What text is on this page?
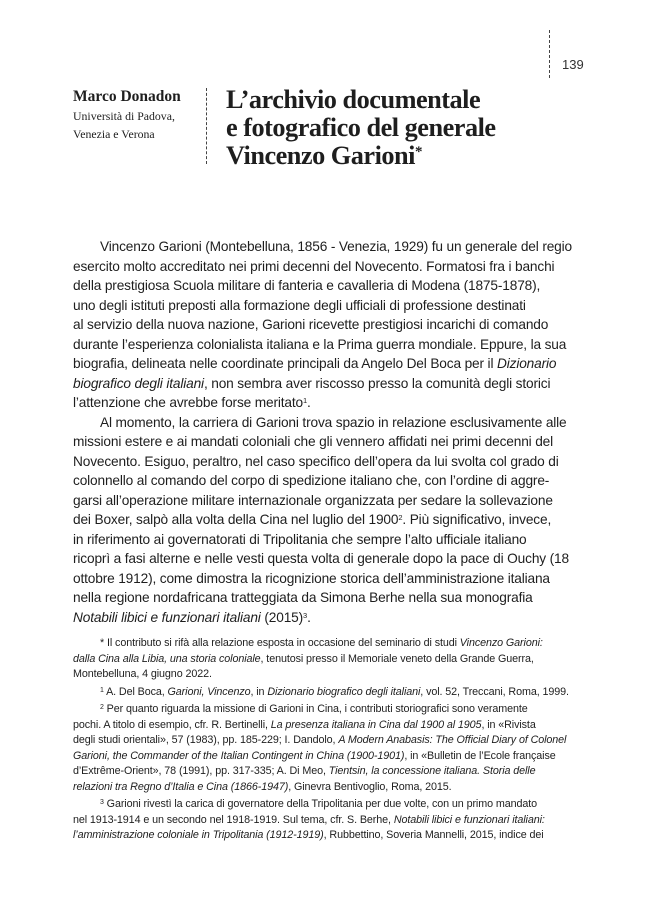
139
Marco Donadon
Università di Padova,
Venezia e Verona
L’archivio documentale
e fotografico del generale
Vincenzo Garioni*
Vincenzo Garioni (Montebelluna, 1856 - Venezia, 1929) fu un generale del regio
esercito molto accreditato nei primi decenni del Novecento. Formatosi fra i banchi
della prestigiosa Scuola militare di fanteria e cavalleria di Modena (1875-1878),
uno degli istituti preposti alla formazione degli ufficiali di professione destinati
al servizio della nuova nazione, Garioni ricevette prestigiosi incarichi di comando
durante l’esperienza colonialista italiana e la Prima guerra mondiale. Eppure, la sua
biografia, delineata nelle coordinate principali da Angelo Del Boca per il Dizionario
biografico degli italiani, non sembra aver riscosso presso la comunità degli storici
l’attenzione che avrebbe forse meritato$^1$.
Al momento, la carriera di Garioni trova spazio in relazione esclusivamente alle
missioni estere e ai mandati coloniali che gli vennero affidati nei primi decenni del
Novecento. Esiguo, peraltro, nel caso specifico dell’opera da lui svolta col grado di
colonnello al comando del corpo di spedizione italiano che, con l’ordine di aggre-
garsi all’operazione militare internazionale organizzata per sedare la sollevazione
dei Boxer, salpò alla volta della Cina nel luglio del 1900$^2$. Più significativo, invece,
in riferimento ai governatorati di Tripolitania che sempre l’alto ufficiale italiano
ricoprì a fasi alterne e nelle vesti questa volta di generale dopo la pace di Ouchy (18
ottobre 1912), come dimostra la ricognizione storica dell’amministrazione italiana
nella regione nordafricana tratteggiata da Simona Berhe nella sua monografia
Notabili libici e funzionari italiani $(2015)^3$.
* Il contributo si rifà alla relazione esposta in occasione del seminario di studi Vincenzo Garioni:
dalla Cina alla Libia, una storia coloniale, tenutosi presso il Memoriale veneto della Grande Guerra,
Montebelluna, 4 giugno 2022.
$^1$ A. Del Boca, Garioni, Vincenzo, in Dizionario biografico degli italiani, vol. 52, Treccani, Roma, 1999.
$^2$ Per quanto riguarda la missione di Garioni in Cina, i contributi storiografici sono veramente
pochi. A titolo di esempio, cfr. R. Bertinelli, La presenza italiana in Cina dal 1900 al 1905, in «Rivista
degli studi orientali», 57 (1983), pp. 185-229; I. Dandolo, A Modern Anabasis: The Official Diary of Colonel
Garioni, the Commander of the Italian Contingent in China (1900-1901), in «Bulletin de l’Ecole française
d’Extrême-Orient», 78 (1991), pp. 317-335; A. Di Meo, Tientsin, la concessione italiana. Storia delle
relazioni tra Regno d’Italia e Cina (1866-1947), Ginevra Bentivoglio, Roma, 2015.
$^3$ Garioni rivestì la carica di governatore della Tripolitania per due volte, con un primo mandato
nel 1913-1914 e un secondo nel 1918-1919. Sul tema, cfr. S. Berhe, Notabili libici e funzionari italiani:
l’amministrazione coloniale in Tripolitania (1912-1919), Rubbettino, Soveria Mannelli, 2015, indice dei
